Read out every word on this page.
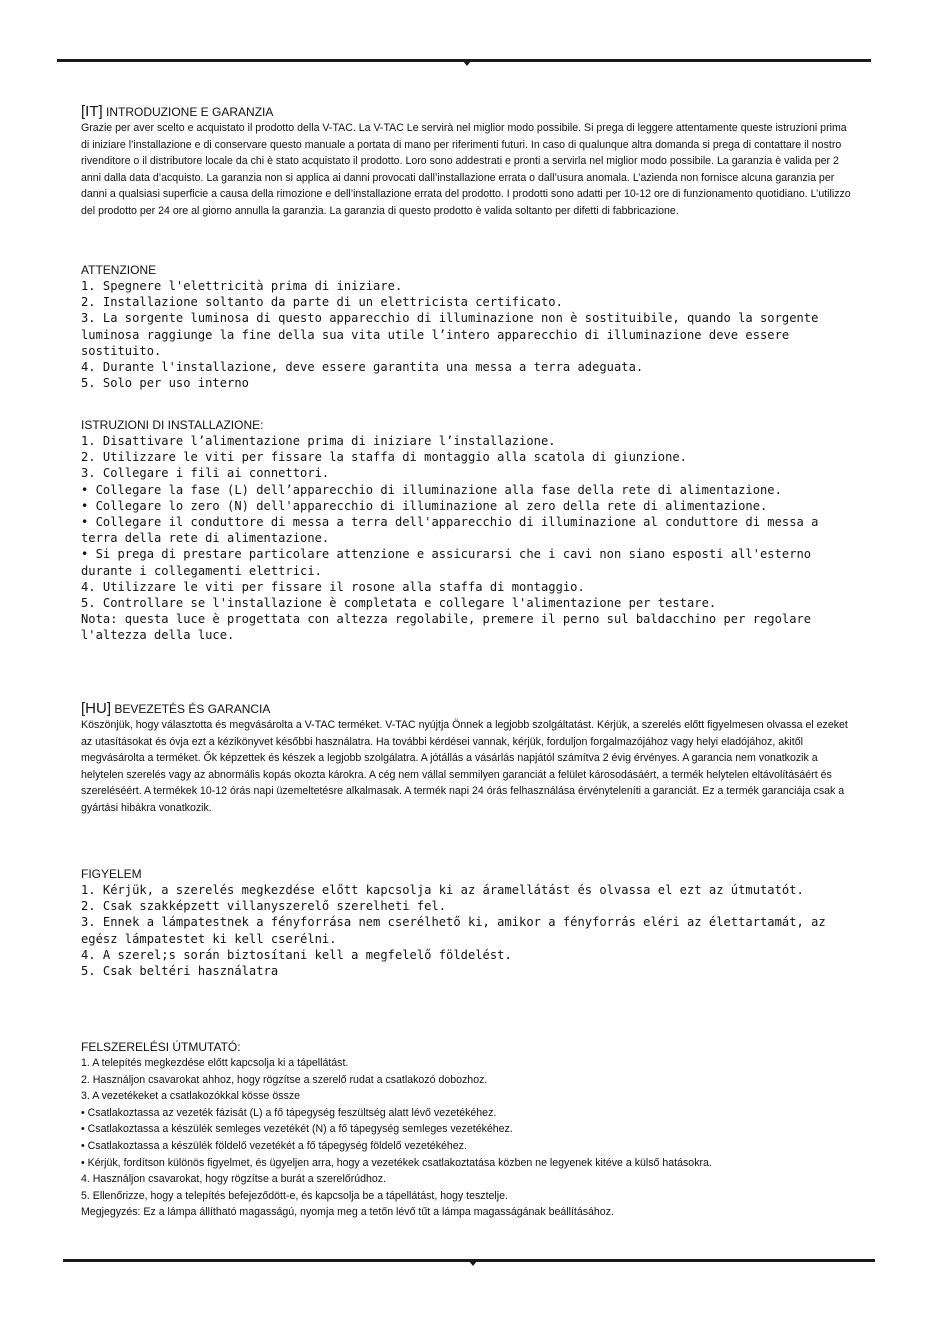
[IT] INTRODUZIONE E GARANZIA

Grazie per aver scelto e acquistato il prodotto della V-TAC. La V-TAC Le servirà nel miglior modo possibile. Si prega di leggere attentamente queste istruzioni prima di iniziare l’installazione e di conservare questo manuale a portata di mano per riferimenti futuri. In caso di qualunque altra domanda si prega di contattare il nostro rivenditore o il distributore locale da chi è stato acquistato il prodotto. Loro sono addestrati e pronti a servirla nel miglior modo possibile. La garanzia è valida per 2 anni dalla data d’acquisto. La garanzia non si applica ai danni provocati dall’installazione errata o dall’usura anomala. L’azienda non fornisce alcuna garanzia per danni a qualsiasi superficie a causa della rimozione e dell’installazione errata del prodotto. I prodotti sono adatti per 10-12 ore di funzionamento quotidiano. L’utilizzo del prodotto per 24 ore al giorno annulla la garanzia. La garanzia di questo prodotto è valida soltanto per difetti di fabbricazione.

ATTENZIONE
1. Spegnere l'elettricità prima di iniziare.
2. Installazione soltanto da parte di un elettricista certificato.
3. La sorgente luminosa di questo apparecchio di illuminazione non è sostituibile, quando la sorgente luminosa raggiunge la fine della sua vita utile l’intero apparecchio di illuminazione deve essere sostituito.
4. Durante l'installazione, deve essere garantita una messa a terra adeguata.
5. Solo per uso interno
ISTRUZIONI DI INSTALLAZIONE:
1. Disattivare l’alimentazione prima di iniziare l’installazione.
2. Utilizzare le viti per fissare la staffa di montaggio alla scatola di giunzione.
3. Collegare i fili ai connettori.
• Collegare la fase (L) dell’apparecchio di illuminazione alla fase della rete di alimentazione.
• Collegare lo zero (N) dell'apparecchio di illuminazione al zero della rete di alimentazione.
• Collegare il conduttore di messa a terra dell'apparecchio di illuminazione al conduttore di messa a terra della rete di alimentazione.
• Si prega di prestare particolare attenzione e assicurarsi che i cavi non siano esposti all'esterno durante i collegamenti elettrici.
4. Utilizzare le viti per fissare il rosone alla staffa di montaggio.
5. Controllare se l'installazione è completata e collegare l'alimentazione per testare.
Nota: questa luce è progettata con altezza regolabile, premere il perno sul baldacchino per regolare l'altezza della luce.
[HU] BEVEZETÉS ÉS GARANCIA

Köszönjük, hogy választotta és megvásárolta a V-TAC terméket. V-TAC nyújtja Önnek a legjobb szolgáltatást. Kérjük, a szerelés előtt figyelmesen olvassa el ezeket az utasításokat és óvja ezt a kézikönyvet későbbi használatra. Ha további kérdései vannak, kérjük, forduljon forgalmazójához vagy helyi eladójához, akitől megvásárolta a terméket. Ők képzettek és készek a legjobb szolgálatra. A jótállás a vásárlás napjától számítva 2 évig érvényes. A garancia nem vonatkozik a helytelen szerelés vagy az abnormális kopás okozta károkra. A cég nem vállal semmilyen garanciát a felület károsodásáért, a termék helytelen eltávolításáért és szereléséért. A termékek 10-12 órás napi üzemeltetésre alkalmasak. A termék napi 24 órás felhasználása érvényteleníti a garanciát. Ez a termék garanciája csak a gyártási hibákra vonatkozik.

FIGYELEM
1. Kérjük, a szerelés megkezdése előtt kapcsolja ki az áramellátást és olvassa el ezt az útmutatót.
2. Csak szakképzett villanyszerelő szerelheti fel.
3. Ennek a lámpatestnek a fényforrása nem cserélhető ki, amikor a fényforrás eléri az élettartamát, az egész lámpatestet ki kell cserélni.
4. A szerel;s során biztosítani kell a megfelelő földelést.
5. Csak beltéri használatra
FELSZERELÉSI ÚTMUTATÓ:
1. A telepítés megkezdése előtt kapcsolja ki a tápellátást.
2. Használjon csavarokat ahhoz, hogy rögzítse a szerelő rudat a csatlakozó dobozhoz.
3. A vezetékeket a csatlakozókkal kösse össze
• Csatlakoztassa az vezeték fázisát (L) a fő tápegység feszültség alatt lévő vezetékéhez.
• Csatlakoztassa a készülék semleges vezetékét (N) a fő tápegység semleges vezetékéhez.
• Csatlakoztassa a készülék földelő vezetékét a fő tápegység földelő vezetékéhez.
• Kérjük, fordítson különös figyelmet, és ügyeljen arra, hogy a vezetékek csatlakoztatása közben ne legyenek kitéve a külső hatásokra.
4. Használjon csavarokat, hogy rögzítse a burát a szerelőrúdhoz.
5. Ellenőrizze, hogy a telepítés befejeződött-e, és kapcsolja be a tápellátást, hogy tesztelje.
Megjegyzés: Ez a lámpa állítható magasságú, nyomja meg a tetőn lévő tűt a lámpa magasságának beállításához.
